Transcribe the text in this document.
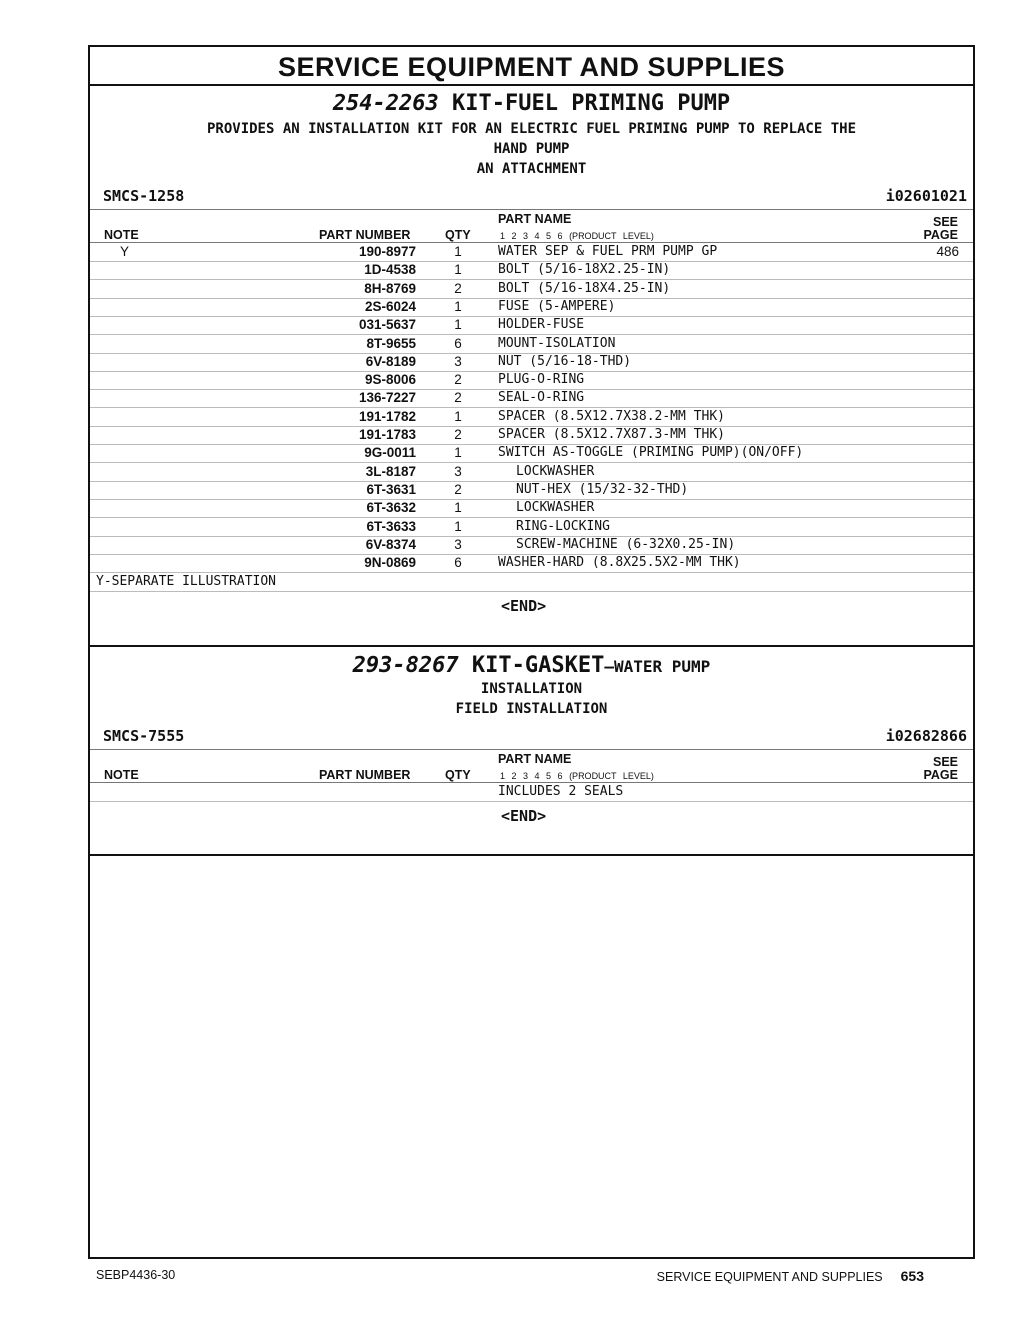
SERVICE EQUIPMENT AND SUPPLIES
254-2263 KIT-FUEL PRIMING PUMP
PROVIDES AN INSTALLATION KIT FOR AN ELECTRIC FUEL PRIMING PUMP TO REPLACE THE
HAND PUMP
AN ATTACHMENT
SMCS-1258	i02601021
PART NAME	SEE
NOTE	PART NUMBER	QTY	1 2 3 4 5 6 (PRODUCT LEVEL)	PAGE
Y	190-8977	1	WATER SEP & FUEL PRM PUMP GP	486
1D-4538	1	BOLT (5/16-18X2.25-IN)
8H-8769	2	BOLT (5/16-18X4.25-IN)
2S-6024	1	FUSE (5-AMPERE)
031-5637	1	HOLDER-FUSE
8T-9655	6	MOUNT-ISOLATION
6V-8189	3	NUT (5/16-18-THD)
9S-8006	2	PLUG-O-RING
136-7227	2	SEAL-O-RING
191-1782	1	SPACER (8.5X12.7X38.2-MM THK)
191-1783	2	SPACER (8.5X12.7X87.3-MM THK)
9G-0011	1	SWITCH AS-TOGGLE (PRIMING PUMP)(ON/OFF)
3L-8187	3	LOCKWASHER
6T-3631	2	NUT-HEX (15/32-32-THD)
6T-3632	1	LOCKWASHER
6T-3633	1	RING-LOCKING
6V-8374	3	SCREW-MACHINE (6-32X0.25-IN)
9N-0869	6	WASHER-HARD (8.8X25.5X2-MM THK)
Y-SEPARATE ILLUSTRATION
<END>
293-8267 KIT-GASKET—WATER PUMP
INSTALLATION
FIELD INSTALLATION
SMCS-7555	i02682866
PART NAME	SEE
NOTE	PART NUMBER	QTY	1 2 3 4 5 6 (PRODUCT LEVEL)	PAGE
INCLUDES 2 SEALS
<END>
SEBP4436-30	SERVICE EQUIPMENT AND SUPPLIES 653
